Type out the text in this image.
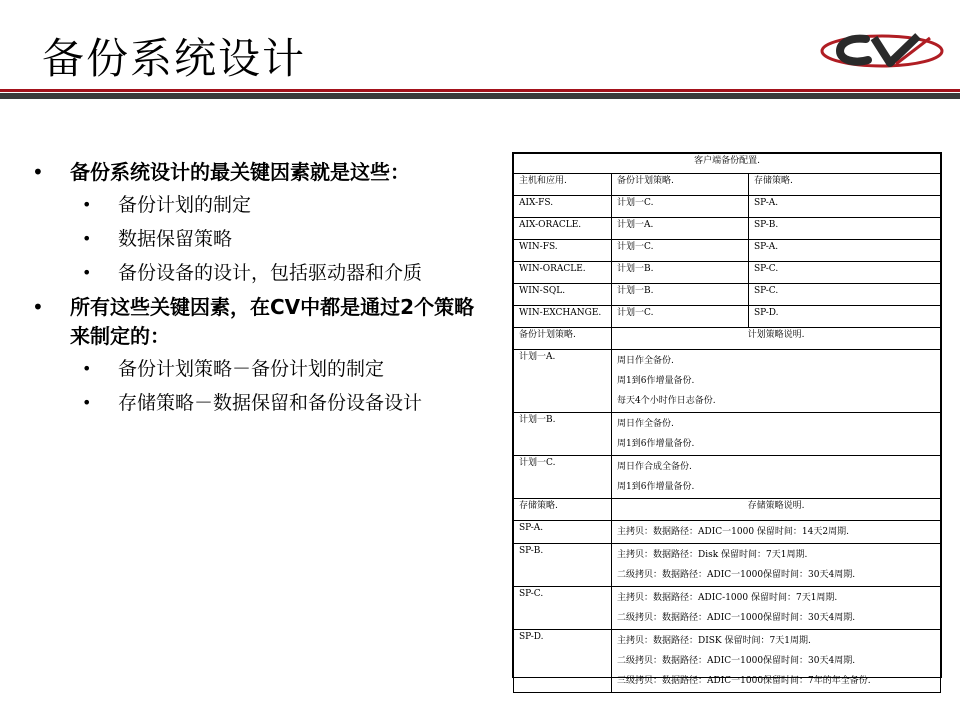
备份系统设计
• 备份系统设计的最关键因素就是这些：
• 备份计划的制定
• 数据保留策略
• 备份设备的设计，包括驱动器和介质
• 所有这些关键因素，在CV中都是通过2个策略来制定的：
• 备份计划策略－备份计划的制定
• 存储策略－数据保留和备份设备设计
客户端备份配置.		
主机和应用.	备份计划策略.	存储策略.
AIX-FS.	计划一C.	SP-A.
AIX-ORACLE.	计划一A.	SP-B.
WIN-FS.	计划一C.	SP-A.
WIN-ORACLE.	计划一B.	SP-C.
WIN-SQL.	计划一B.	SP-C.
WIN-EXCHANGE.	计划一C.	SP-D.
备份计划策略.	计划策略说明.	
计划一A.	周日作全备份.
周1到6作增量备份.
每天4个小时作日志备份.	

计划一B.	周日作全备份.
周1到6作增量备份.	

计划一C.	周日作合成全备份.
周1到6作增量备份.	

存储策略.	存储策略说明.	
SP-A.	主拷贝：数据路径：ADIC一1000 保留时间：14天2周期.	

SP-B.	主拷贝：数据路径：Disk 保留时间：7天1周期.
二级拷贝：数据路径：ADIC一1000保留时间：30天4周期.	

SP-C.	主拷贝：数据路径：ADIC-1000 保留时间：7天1周期.
二级拷贝：数据路径：ADIC一1000保留时间：30天4周期.	

SP-D.	主拷贝：数据路径：DISK 保留时间：7天1周期.
二级拷贝：数据路径：ADIC一1000保留时间：30天4周期.
三级拷贝：数据路径：ADIC一1000保留时间：7年的年全备份.	
